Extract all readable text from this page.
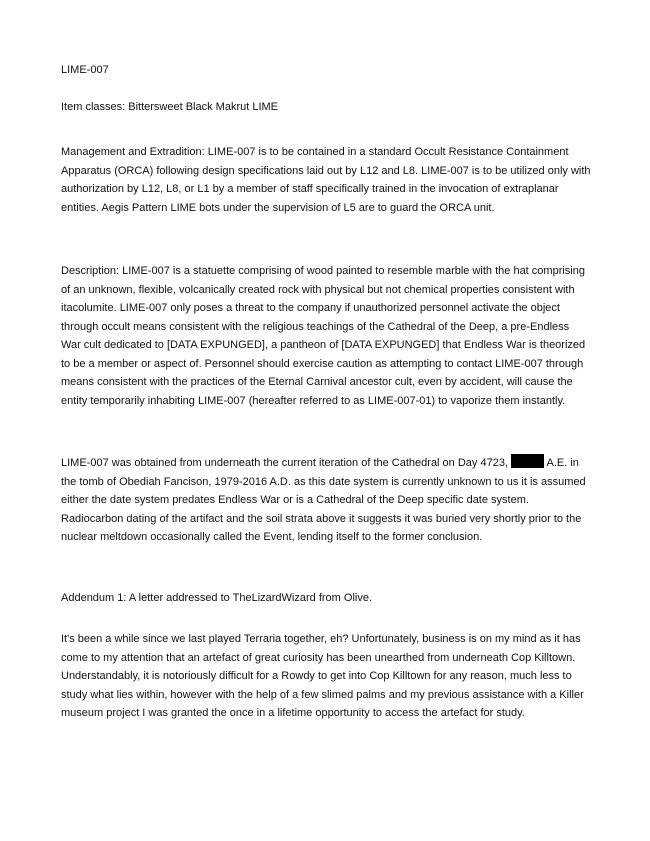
LIME-007

Item classes: Bittersweet Black Makrut LIME

Management and Extradition: LIME-007 is to be contained in a standard Occult Resistance Containment Apparatus (ORCA) following design specifications laid out by L12 and L8. LIME-007 is to be utilized only with authorization by L12, L8, or L1 by a member of staff specifically trained in the invocation of extraplanar entities. Aegis Pattern LIME bots under the supervision of L5 are to guard the ORCA unit.

Description: LIME-007 is a statuette comprising of wood painted to resemble marble with the hat comprising of an unknown, flexible, volcanically created rock with physical but not chemical properties consistent with itacolumite. LIME-007 only poses a threat to the company if unauthorized personnel activate the object through occult means consistent with the religious teachings of the Cathedral of the Deep, a pre-Endless War cult dedicated to [DATA EXPUNGED], a pantheon of [DATA EXPUNGED] that Endless War is theorized to be a member or aspect of. Personnel should exercise caution as attempting to contact LIME-007 through means consistent with the practices of the Eternal Carnival ancestor cult, even by accident, will cause the entity temporarily inhabiting LIME-007 (hereafter referred to as LIME-007-01) to vaporize them instantly.

LIME-007 was obtained from underneath the current iteration of the Cathedral on Day 4723,	A.E. in the tomb of Obediah Fancison, 1979-2016 A.D. as this date system is currently unknown to us it is assumed either the date system predates Endless War or is a Cathedral of the Deep specific date system. Radiocarbon dating of the artifact and the soil strata above it suggests it was buried very shortly prior to the nuclear meltdown occasionally called the Event, lending itself to the former conclusion.

Addendum 1: A letter addressed to TheLizardWizard from Olive.

It's been a while since we last played Terraria together, eh? Unfortunately, business is on my mind as it has come to my attention that an artefact of great curiosity has been unearthed from underneath Cop Killtown. Understandably, it is notoriously difficult for a Rowdy to get into Cop Killtown for any reason, much less to study what lies within, however with the help of a few slimed palms and my previous assistance with a Killer museum project I was granted the once in a lifetime opportunity to access the artefact for study.
